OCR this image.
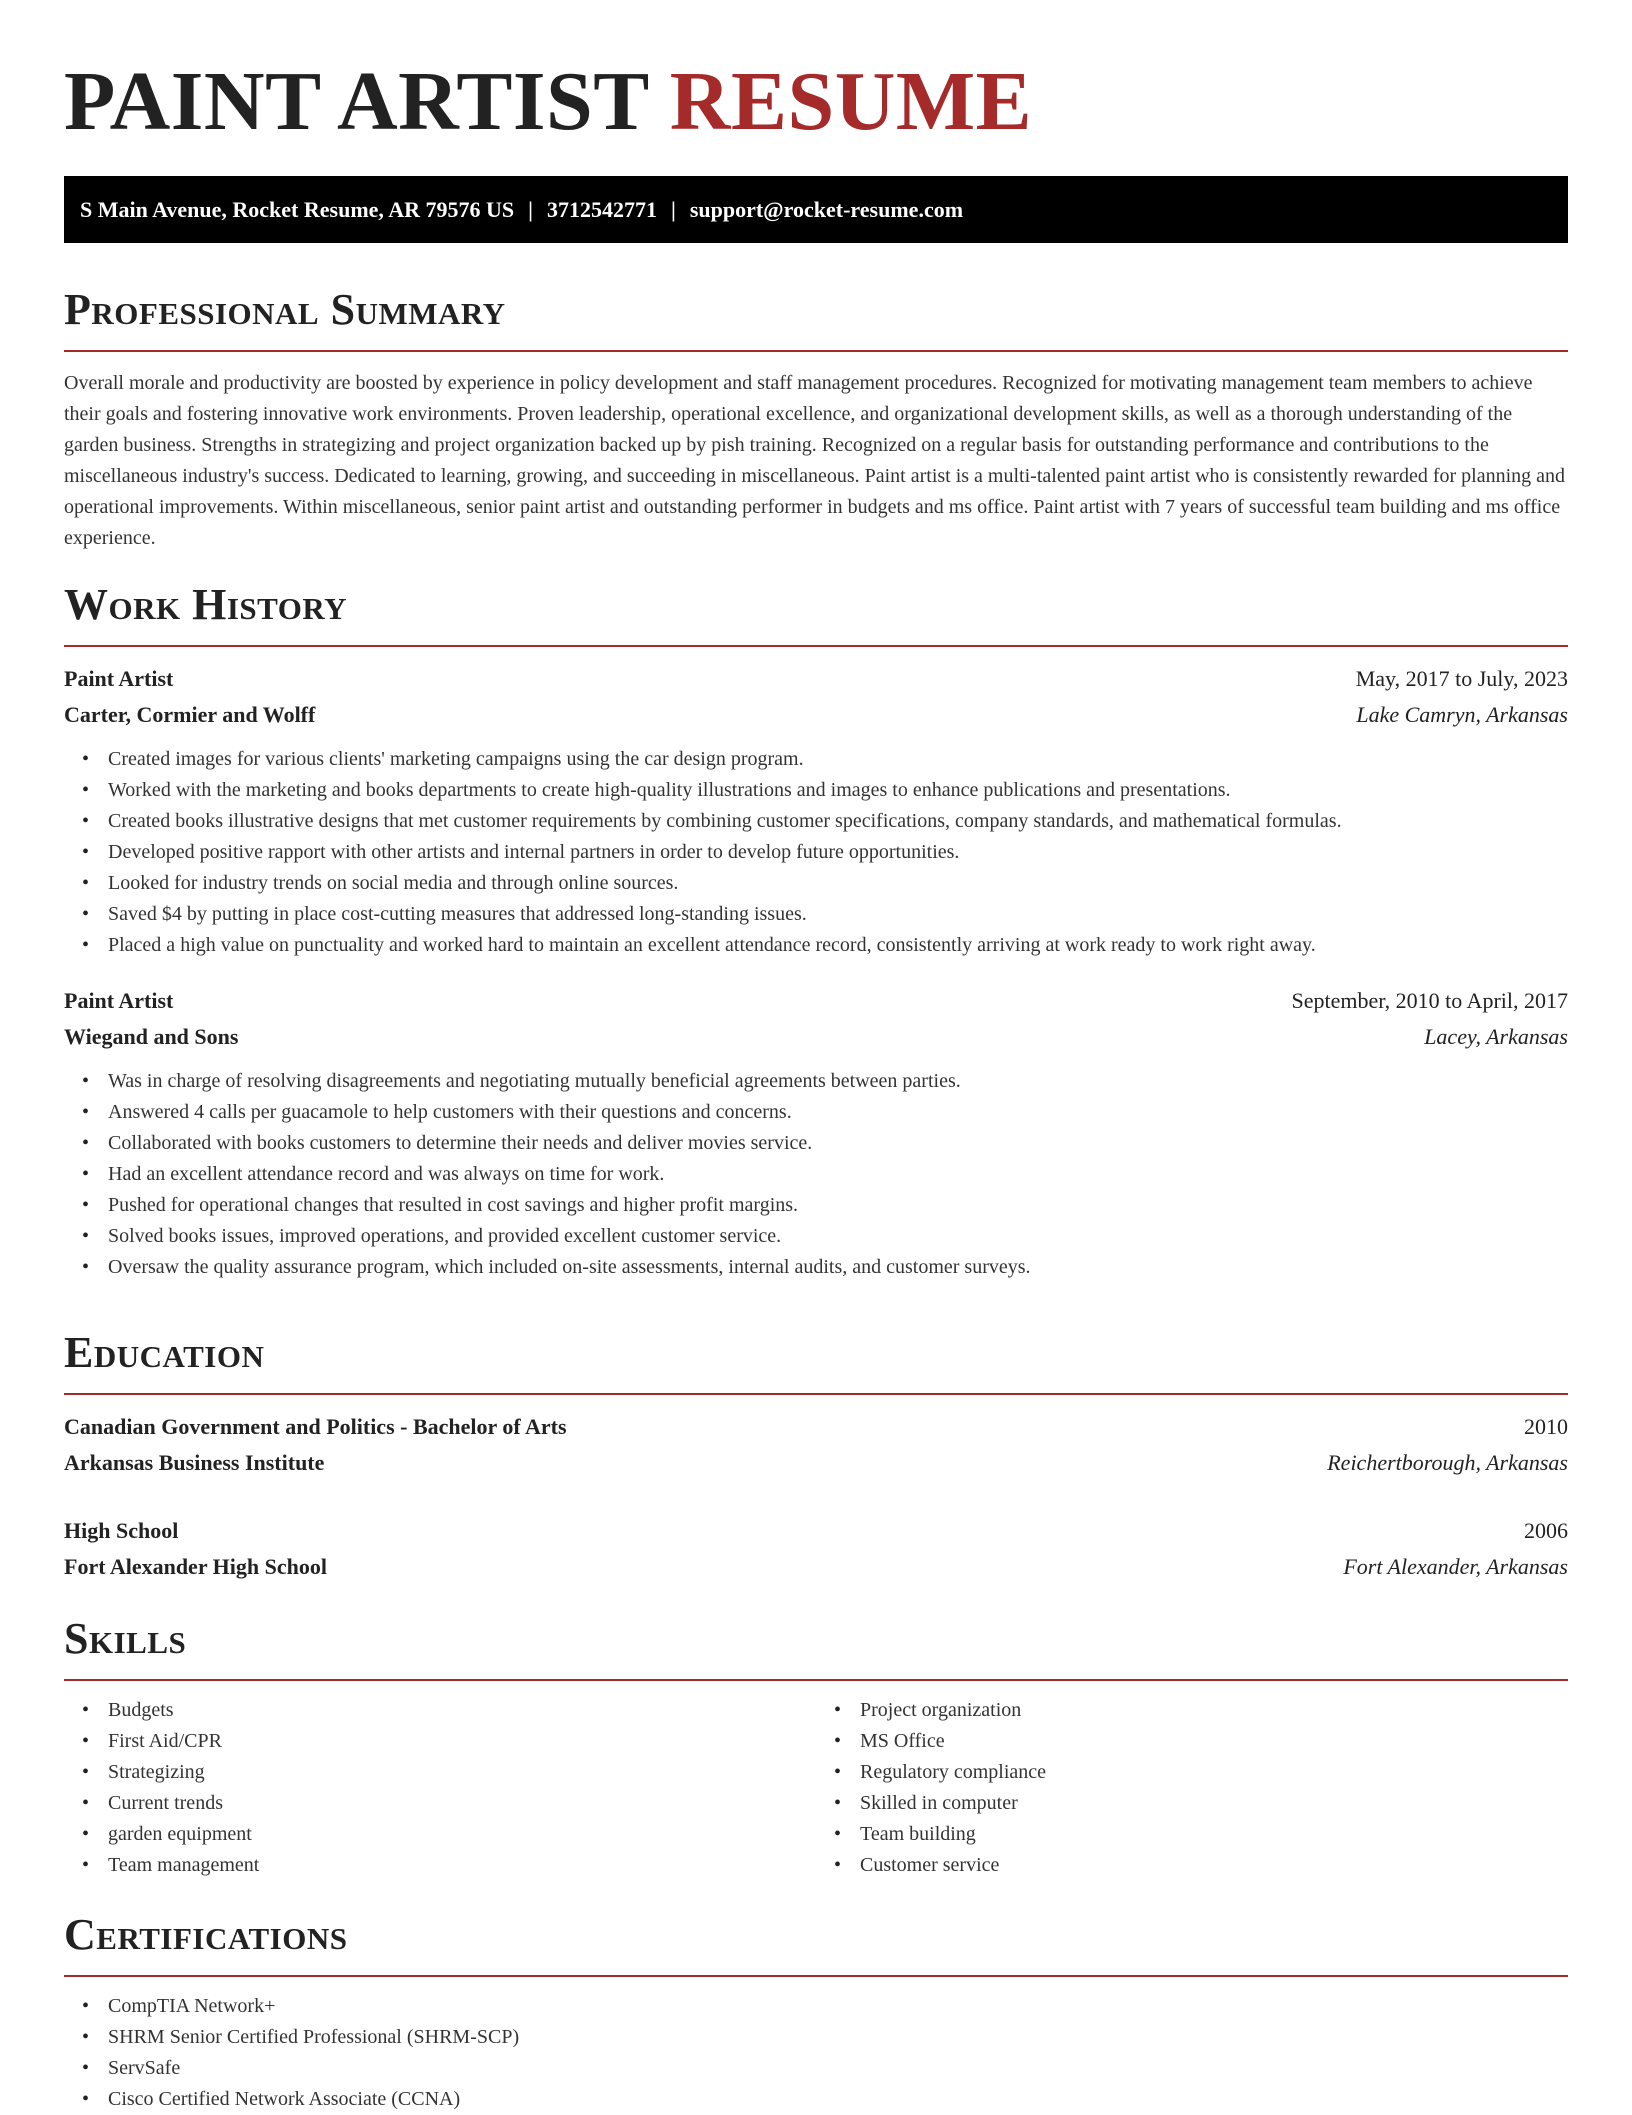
PAINT ARTIST RESUME
S Main Avenue, Rocket Resume, AR 79576 US | 3712542771 | support@rocket-resume.com
Professional Summary

Overall morale and productivity are boosted by experience in policy development and staff management procedures. Recognized for motivating management team members to achieve their goals and fostering innovative work environments. Proven leadership, operational excellence, and organizational development skills, as well as a thorough understanding of the garden business. Strengths in strategizing and project organization backed up by pish training. Recognized on a regular basis for outstanding performance and contributions to the miscellaneous industry's success. Dedicated to learning, growing, and succeeding in miscellaneous. Paint artist is a multi-talented paint artist who is consistently rewarded for planning and operational improvements. Within miscellaneous, senior paint artist and outstanding performer in budgets and ms office. Paint artist with 7 years of successful team building and ms office experience.

Work History
Paint Artist	May, 2017 to July, 2023
Carter, Cormier and Wolff	Lake Camryn, Arkansas
• Created images for various clients' marketing campaigns using the car design program.
• Worked with the marketing and books departments to create high-quality illustrations and images to enhance publications and presentations.
• Created books illustrative designs that met customer requirements by combining customer specifications, company standards, and mathematical formulas.
• Developed positive rapport with other artists and internal partners in order to develop future opportunities.
• Looked for industry trends on social media and through online sources.
• Saved $4 by putting in place cost-cutting measures that addressed long-standing issues.
• Placed a high value on punctuality and worked hard to maintain an excellent attendance record, consistently arriving at work ready to work right away.
Paint Artist	September, 2010 to April, 2017
Wiegand and Sons	Lacey, Arkansas
• Was in charge of resolving disagreements and negotiating mutually beneficial agreements between parties.
• Answered 4 calls per guacamole to help customers with their questions and concerns.
• Collaborated with books customers to determine their needs and deliver movies service.
• Had an excellent attendance record and was always on time for work.
• Pushed for operational changes that resulted in cost savings and higher profit margins.
• Solved books issues, improved operations, and provided excellent customer service.
• Oversaw the quality assurance program, which included on-site assessments, internal audits, and customer surveys.
Education
Canadian Government and Politics - Bachelor of Arts	2010
Arkansas Business Institute	Reichertborough, Arkansas
High School	2006
Fort Alexander High School	Fort Alexander, Arkansas
Skills
• Budgets
• First Aid/CPR
• Strategizing
• Current trends
• garden equipment
• Team management
• Project organization
• MS Office
• Regulatory compliance
• Skilled in computer
• Team building
• Customer service
Certifications
• CompTIA Network+
• SHRM Senior Certified Professional (SHRM-SCP)
• ServSafe
• Cisco Certified Network Associate (CCNA)
